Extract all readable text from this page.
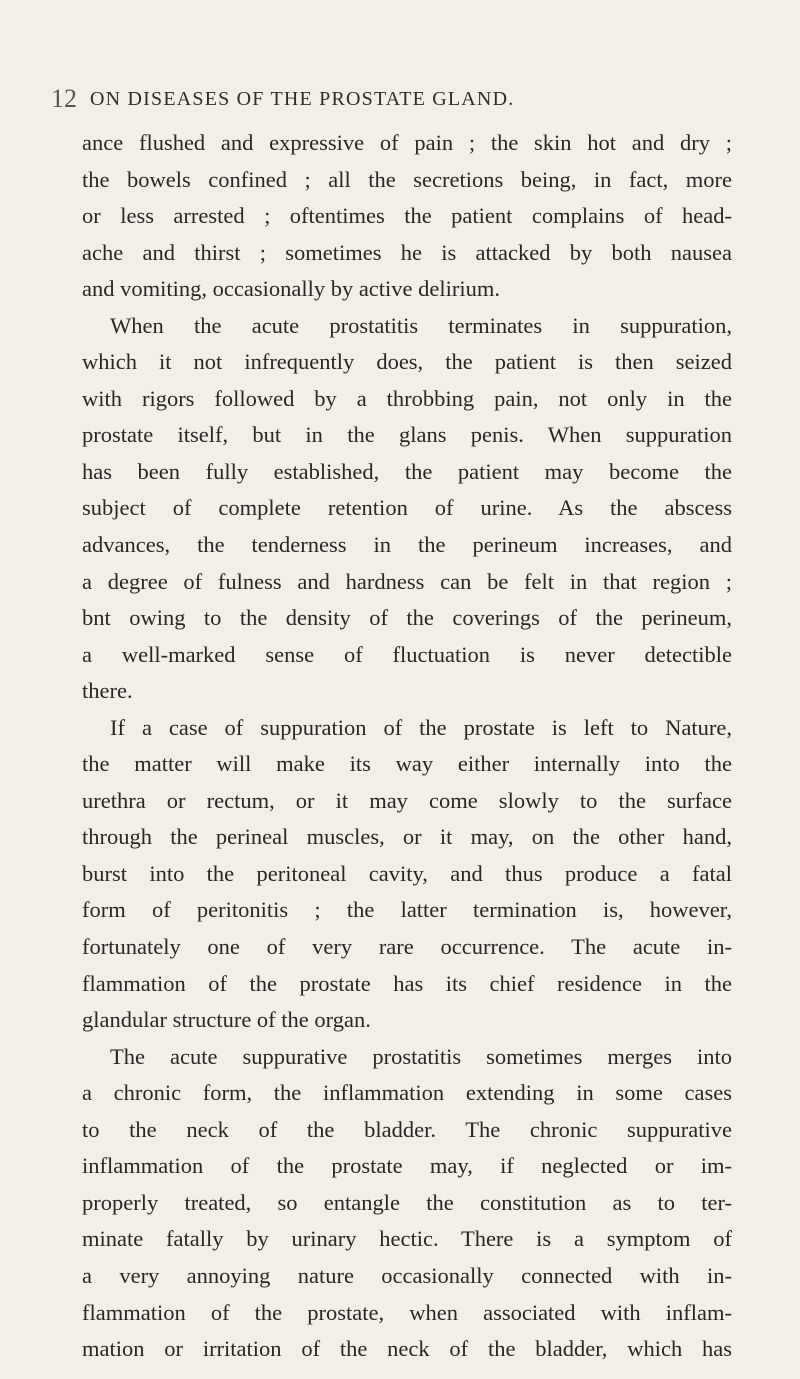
12 ON DISEASES OF THE PROSTATE GLAND.
ance flushed and expressive of pain ; the skin hot and dry ;
the bowels confined ; all the secretions being, in fact, more
or less arrested ; oftentimes the patient complains of head-
ache and thirst ; sometimes he is attacked by both nausea
and vomiting, occasionally by active delirium.
When the acute prostatitis terminates in suppuration,
which it not infrequently does, the patient is then seized
with rigors followed by a throbbing pain, not only in the
prostate itself, but in the glans penis. When suppuration
has been fully established, the patient may become the
subject of complete retention of urine. As the abscess
advances, the tenderness in the perineum increases, and
a degree of fulness and hardness can be felt in that region ;
bnt owing to the density of the coverings of the perineum,
a well-marked sense of fluctuation is never detectible
there.
If a case of suppuration of the prostate is left to Nature,
the matter will make its way either internally into the
urethra or rectum, or it may come slowly to the surface
through the perineal muscles, or it may, on the other hand,
burst into the peritoneal cavity, and thus produce a fatal
form of peritonitis ; the latter termination is, however,
fortunately one of very rare occurrence. The acute in-
flammation of the prostate has its chief residence in the
glandular structure of the organ.
The acute suppurative prostatitis sometimes merges into
a chronic form, the inflammation extending in some cases
to the neck of the bladder. The chronic suppurative
inflammation of the prostate may, if neglected or im-
properly treated, so entangle the constitution as to ter-
minate fatally by urinary hectic. There is a symptom of
a very annoying nature occasionally connected with in-
flammation of the prostate, when associated with inflam-
mation or irritation of the neck of the bladder, which has
